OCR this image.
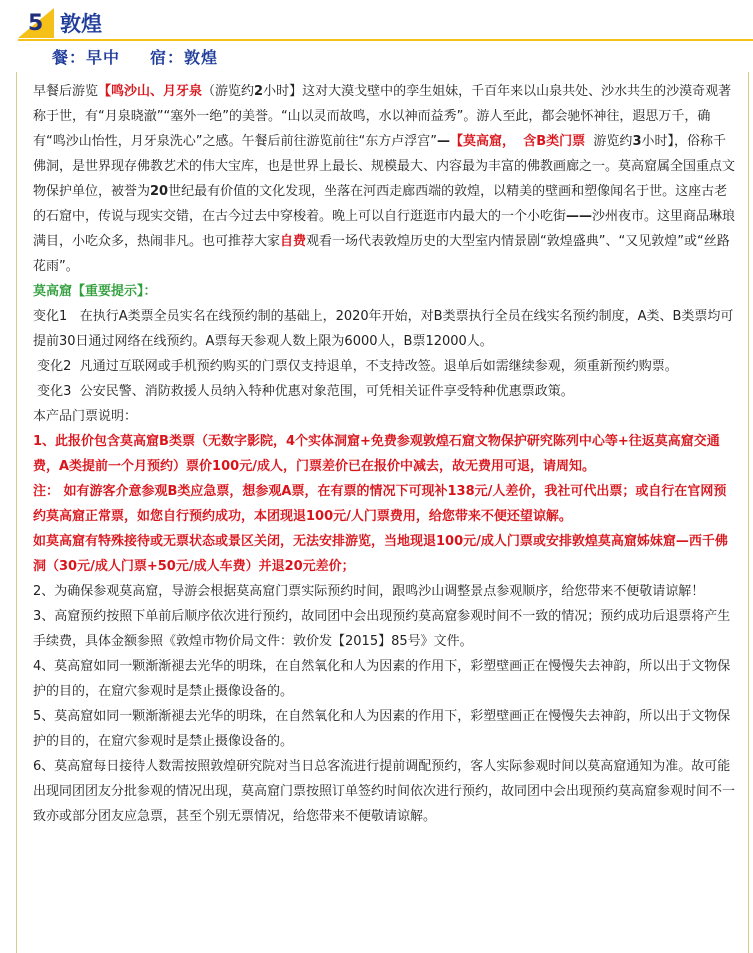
5 敦煌
餐：早中 宿：敦煌

早餐后游览【鸣沙山、月牙泉（游览约2小时】这对大漠戈壁中的孪生姐妹，千百年来以山泉共处、沙水共生的沙漠奇观著称于世，有“月泉晓澈”“塞外一绝”的美誉。“山以灵而故鸣，水以神而益秀”。游人至此，都会驰怀神往，遐思万千，确有“鸣沙山怡性，月牙泉洗心”之感。午餐后前往游览前往“东方卢浮宫”—【莫高窟， 含B类门票 游览约3小时】，俗称千佛洞，是世界现存佛教艺术的伟大宝库，也是世界上最长、规模最大、内容最为丰富的佛教画廊之一。莫高窟属全国重点文物保护单位，被誉为20世纪最有价值的文化发现，坐落在河西走廊西端的敦煌，以精美的壁画和塑像闻名于世。这座古老的石窟中，传说与现实交错，在古今过去中穿梭着。晚上可以自行逛逛市内最大的一个小吃街——沙州夜市。这里商品琳琅满目，小吃众多，热闹非凡。也可推荐大家自费观看一场代表敦煌历史的大型室内情景剧“敦煌盛典”、“又见敦煌”或“丝路花雨”。

莫高窟【重要提示】：

变化1 在执行A类票全员实名在线预约制的基础上，2020年开始，对B类票执行全员在线实名预约制度，A类、B类票均可提前30日通过网络在线预约。A票每天参观人数上限为6000人，B票12000人。

变化2 凡通过互联网或手机预约购买的门票仅支持退单，不支持改签。退单后如需继续参观，须重新预约购票。

变化3 公安民警、消防救援人员纳入特种优惠对象范围，可凭相关证件享受特种优惠票政策。

本产品门票说明：

1、此报价包含莫高窟B类票（无数字影院，4个实体洞窟+免费参观敦煌石窟文物保护研究陈列中心等+往返莫高窟交通费，A类提前一个月预约）票价100元/成人，门票差价已在报价中减去，故无费用可退，请周知。

注： 如有游客介意参观B类应急票，想参观A票，在有票的情况下可现补138元/人差价，我社可代出票；或自行在官网预约莫高窟正常票，如您自行预约成功，本团现退100元/人门票费用，给您带来不便还望谅解。

如莫高窟有特殊接待或无票状态或景区关闭，无法安排游览，当地现退100元/成人门票或安排敦煌莫高窟姊妹窟—西千佛洞（30元/成人门票+50元/成人车费）并退20元差价；

2、为确保参观莫高窟，导游会根据莫高窟门票实际预约时间，跟鸣沙山调整景点参观顺序，给您带来不便敬请谅解！

3、高窟预约按照下单前后顺序依次进行预约，故同团中会出现预约莫高窟参观时间不一致的情况；预约成功后退票将产生手续费，具体金额参照《敦煌市物价局文件：敦价发【2015】85号》文件。

4、莫高窟如同一颗渐渐褪去光华的明珠，在自然氧化和人为因素的作用下，彩塑壁画正在慢慢失去神韵，所以出于文物保护的目的，在窟穴参观时是禁止摄像设备的。

5、莫高窟如同一颗渐渐褪去光华的明珠，在自然氧化和人为因素的作用下，彩塑壁画正在慢慢失去神韵，所以出于文物保护的目的，在窟穴参观时是禁止摄像设备的。

6、莫高窟每日接待人数需按照敦煌研究院对当日总客流进行提前调配预约，客人实际参观时间以莫高窟通知为准。故可能出现同团团友分批参观的情况出现，莫高窟门票按照订单签约时间依次进行预约，故同团中会出现预约莫高窟参观时间不一致亦或部分团友应急票，甚至个别无票情况，给您带来不便敬请谅解。
